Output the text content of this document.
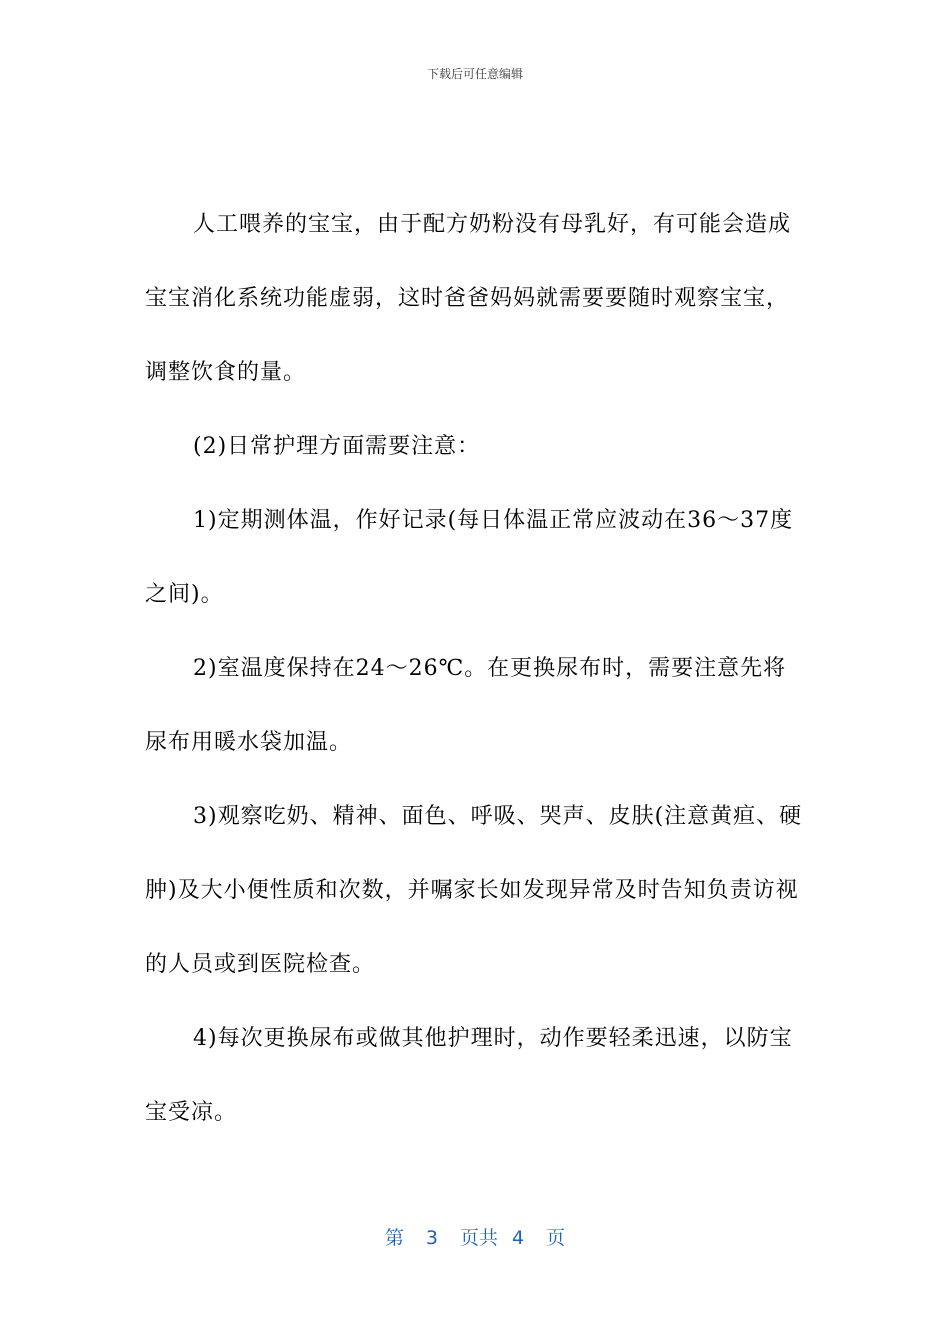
下载后可任意编辑

人工喂养的宝宝，由于配方奶粉没有母乳好，有可能会造成宝宝消化系统功能虚弱，这时爸爸妈妈就需要要随时观察宝宝，调整饮食的量。

(2)日常护理方面需要注意：

1)定期测体温，作好记录(每日体温正常应波动在36～37度之间)。

2)室温度保持在24～26℃。在更换尿布时，需要注意先将尿布用暖水袋加温。

3)观察吃奶、精神、面色、呼吸、哭声、皮肤(注意黄疸、硬肿)及大小便性质和次数，并嘱家长如发现异常及时告知负责访视的人员或到医院检查。

4)每次更换尿布或做其他护理时，动作要轻柔迅速，以防宝宝受凉。

第 3 页共 4 页
